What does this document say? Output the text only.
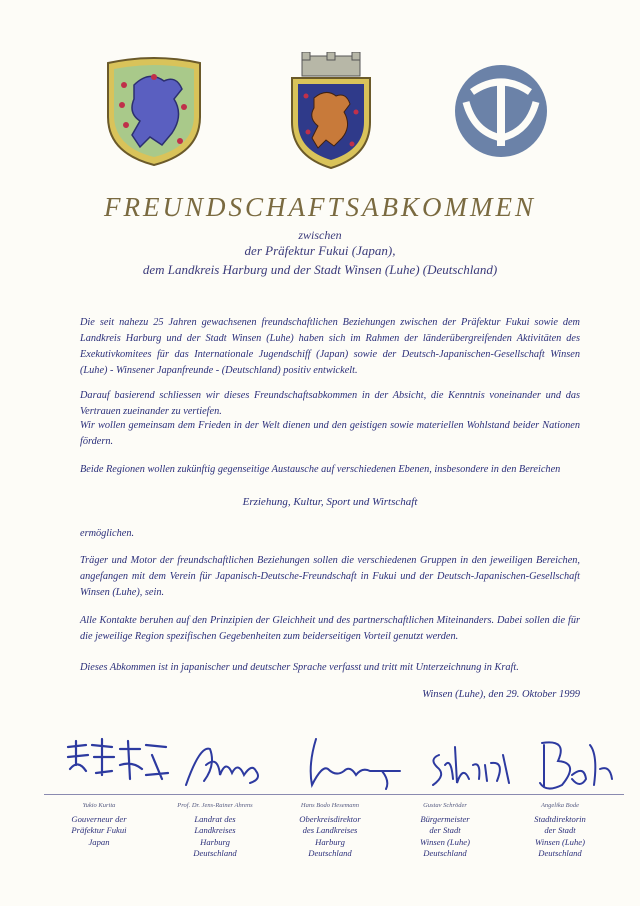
FREUNDSCHAFTSABKOMMEN
zwischen
der Präfektur Fukui (Japan),
dem Landkreis Harburg und der Stadt Winsen (Luhe) (Deutschland)
Die seit nahezu 25 Jahren gewachsenen freundschaftlichen Beziehungen zwischen der Präfektur Fukui sowie dem Landkreis Harburg und der Stadt Winsen (Luhe) haben sich im Rahmen der länderübergreifenden Aktivitäten des Exekutivkomitees für das Internationale Jugendschiff (Japan) sowie der Deutsch-Japanischen-Gesellschaft Winsen (Luhe) - Winsener Japanfreunde - (Deutschland) positiv entwickelt.
Darauf basierend schliessen wir dieses Freundschaftsabkommen in der Absicht, die Kenntnis voneinander und das Vertrauen zueinander zu vertiefen.
Wir wollen gemeinsam dem Frieden in der Welt dienen und den geistigen sowie materiellen Wohlstand beider Nationen fördern.
Beide Regionen wollen zukünftig gegenseitige Austausche auf verschiedenen Ebenen, insbesondere in den Bereichen
Erziehung, Kultur, Sport und Wirtschaft
ermöglichen.
Träger und Motor der freundschaftlichen Beziehungen sollen die verschiedenen Gruppen in den jeweiligen Bereichen, angefangen mit dem Verein für Japanisch-Deutsche-Freundschaft in Fukui und der Deutsch-Japanischen-Gesellschaft Winsen (Luhe), sein.
Alle Kontakte beruhen auf den Prinzipien der Gleichheit und des partnerschaftlichen Miteinanders. Dabei sollen die für die jeweilige Region spezifischen Gegebenheiten zum beiderseitigen Vorteil genutzt werden.
Dieses Abkommen ist in japanischer und deutscher Sprache verfasst und tritt mit Unterzeichnung in Kraft.
Winsen (Luhe), den 29. Oktober 1999
Yukio Kurita
Gouverneur der
Präfektur Fukui
Japan
Prof. Dr. Jens-Rainer Ahrens
Landrat des
Landkreises
Harburg
Deutschland
Hans Bodo Hesemann
Oberkreisdirektor
des Landkreises
Harburg
Deutschland
Gustav Schröder
Bürgermeister
der Stadt
Winsen (Luhe)
Deutschland
Angelika Bode
Stadtdirektorin
der Stadt
Winsen (Luhe)
Deutschland
